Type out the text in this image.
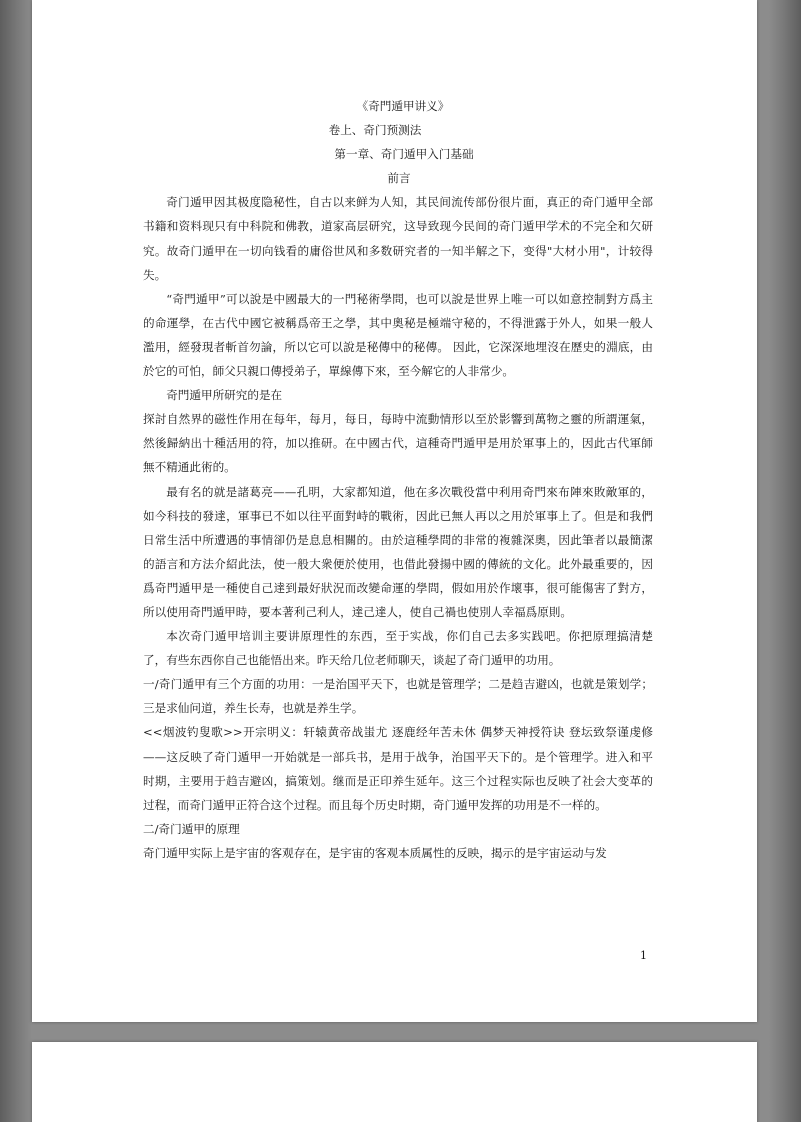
《奇門遁甲讲义》
卷上、奇门预测法
第一章、奇门遁甲入门基础
前言

奇门遁甲因其极度隐秘性，自古以来鲜为人知，其民间流传部份很片面，真正的奇门遁甲全部书籍和资料现只有中科院和佛教，道家高层研究，这导致现今民间的奇门遁甲学术的不完全和欠研究。故奇门遁甲在一切向钱看的庸俗世风和多数研究者的一知半解之下，变得"大材小用"，计较得失。

“奇門遁甲”可以說是中國最大的一門秘術學問，也可以說是世界上唯一可以如意控制對方爲主的命運學，在古代中國它被稱爲帝王之學，其中奧秘是極端守秘的，不得泄露于外人，如果一般人濫用，經發現者斬首勿論，所以它可以說是秘傳中的秘傳。 因此，它深深地埋沒在歷史的淵底，由於它的可怕，師父只親口傳授弟子，單線傳下來，至今解它的人非常少。
奇門遁甲所研究的是在

探討自然界的磁性作用在每年，每月，每日，每時中流動情形以至於影響到萬物之靈的所謂運氣，然後歸納出十種活用的符，加以推研。在中國古代，這種奇門遁甲是用於軍事上的，因此古代軍師無不精通此術的。

最有名的就是諸葛亮——孔明，大家都知道，他在多次戰役當中利用奇門來布陣來敗敵軍的，如今科技的發達，軍事已不如以往平面對峙的戰術，因此已無人再以之用於軍事上了。但是和我們日常生活中所遭遇的事情卻仍是息息相關的。由於這種學問的非常的複雜深奧，因此筆者以最簡潔的語言和方法介紹此法，使一般大衆便於使用，也借此發揚中國的傳統的文化。此外最重要的，因爲奇門遁甲是一種使自己達到最好狀況而改變命運的學問，假如用於作壞事，很可能傷害了對方，所以使用奇門遁甲時，要本著利己利人，達己達人，使自己禍也使別人幸福爲原則。

本次奇门遁甲培训主要讲原理性的东西，至于实战，你们自己去多实践吧。你把原理搞清楚了，有些东西你自己也能悟出来。昨天给几位老师聊天，谈起了奇门遁甲的功用。

一/奇门遁甲有三个方面的功用：一是治国平天下，也就是管理学；二是趋吉避凶，也就是策划学；三是求仙问道，养生长寿，也就是养生学。

<<烟波钓叟歌>>开宗明义：轩辕黄帝战蚩尤 逐鹿经年苦未休 偶梦天神授符诀 登坛致祭谨虔修——这反映了奇门遁甲一开始就是一部兵书，是用于战争，治国平天下的。是个管理学。进入和平时期，主要用于趋吉避凶，搞策划。继而是正印养生延年。这三个过程实际也反映了社会大变革的过程，而奇门遁甲正符合这个过程。而且每个历史时期，奇门遁甲发挥的功用是不一样的。

二/奇门遁甲的原理

奇门遁甲实际上是宇宙的客观存在，是宇宙的客观本质属性的反映，揭示的是宇宙运动与发

1
